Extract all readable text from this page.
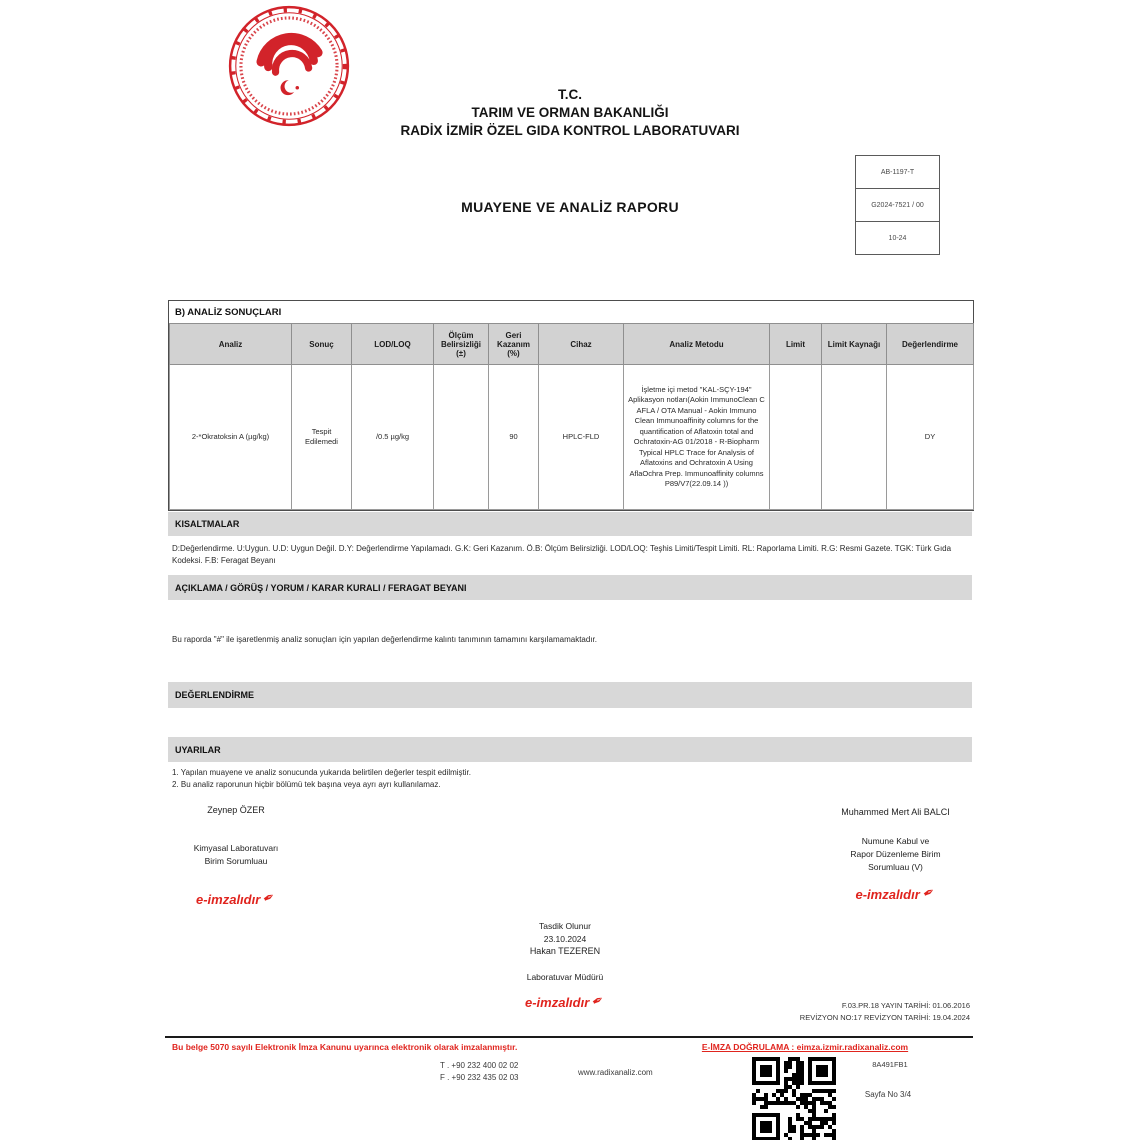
T.C.
TARIM VE ORMAN BAKANLIĞI
RADİX İZMİR ÖZEL GIDA KONTROL LABORATUVARI
AB-1197-T
G2024-7521 / 00
10-24
MUAYENE VE ANALİZ RAPORU
B) ANALİZ SONUÇLARI
Analiz	Sonuç	LOD/LOQ	Ölçüm Belirsizliği (±)	Geri Kazanım (%)	Cihaz	Analiz Metodu	Limit	Limit Kaynağı	Değerlendirme
2-*Okratoksin A (µg/kg)	Tespit Edilemedi	/0.5 µg/kg		90	HPLC-FLD	İşletme içi metod "KAL-SÇY-194" Aplikasyon notları(Aokin ImmunoClean C AFLA / OTA Manual - Aokin Immuno Clean Immunoaffinity columns for the quantification of Aflatoxin total and Ochratoxin-AG 01/2018 - R-Biopharm Typical HPLC Trace for Analysis of Aflatoxins and Ochratoxin A Using AflaOchra Prep. Immunoaffinity columns P89/V7(22.09.14 ))			DY
KISALTMALAR
D:Değerlendirme. U:Uygun. U.D: Uygun Değil. D.Y: Değerlendirme Yapılamadı. G.K: Geri Kazanım. Ö.B: Ölçüm Belirsizliği. LOD/LOQ: Teşhis Limiti/Tespit Limiti. RL: Raporlama Limiti. R.G: Resmi Gazete. TGK: Türk Gıda Kodeksi. F.B: Feragat Beyanı
AÇIKLAMA / GÖRÜŞ / YORUM / KARAR KURALI / FERAGAT BEYANI
Bu raporda "#" ile işaretlenmiş analiz sonuçları için yapılan değerlendirme kalıntı tanımının tamamını karşılamamaktadır.
DEĞERLENDİRME
UYARILAR
1. Yapılan muayene ve analiz sonucunda yukarıda belirtilen değerler tespit edilmiştir.
2. Bu analiz raporunun hiçbir bölümü tek başına veya ayrı ayrı kullanılamaz.
Zeynep ÖZER
Kimyasal Laboratuvarı
Birim Sorumluau
e-imzalıdır✒
Muhammed Mert Ali BALCI
Numune Kabul ve
Rapor Düzenleme Birim
Sorumluau (V)
e-imzalıdır✒
Tasdik Olunur
23.10.2024
Hakan TEZEREN
Laboratuvar Müdürü
e-imzalıdır✒	F.03.PR.18 YAYIN TARİHİ: 01.06.2016
REVİZYON NO:17 REVİZYON TARİHİ: 19.04.2024
Bu belge 5070 sayılı Elektronik İmza Kanunu uyarınca elektronik olarak imzalanmıştır.	E-İMZA DOĞRULAMA : eimza.izmir.radixanaliz.com
T . +90 232 400 02 02
F . +90 232 435 02 03
www.radixanaliz.com
8A491FB1
Sayfa No 3/4
